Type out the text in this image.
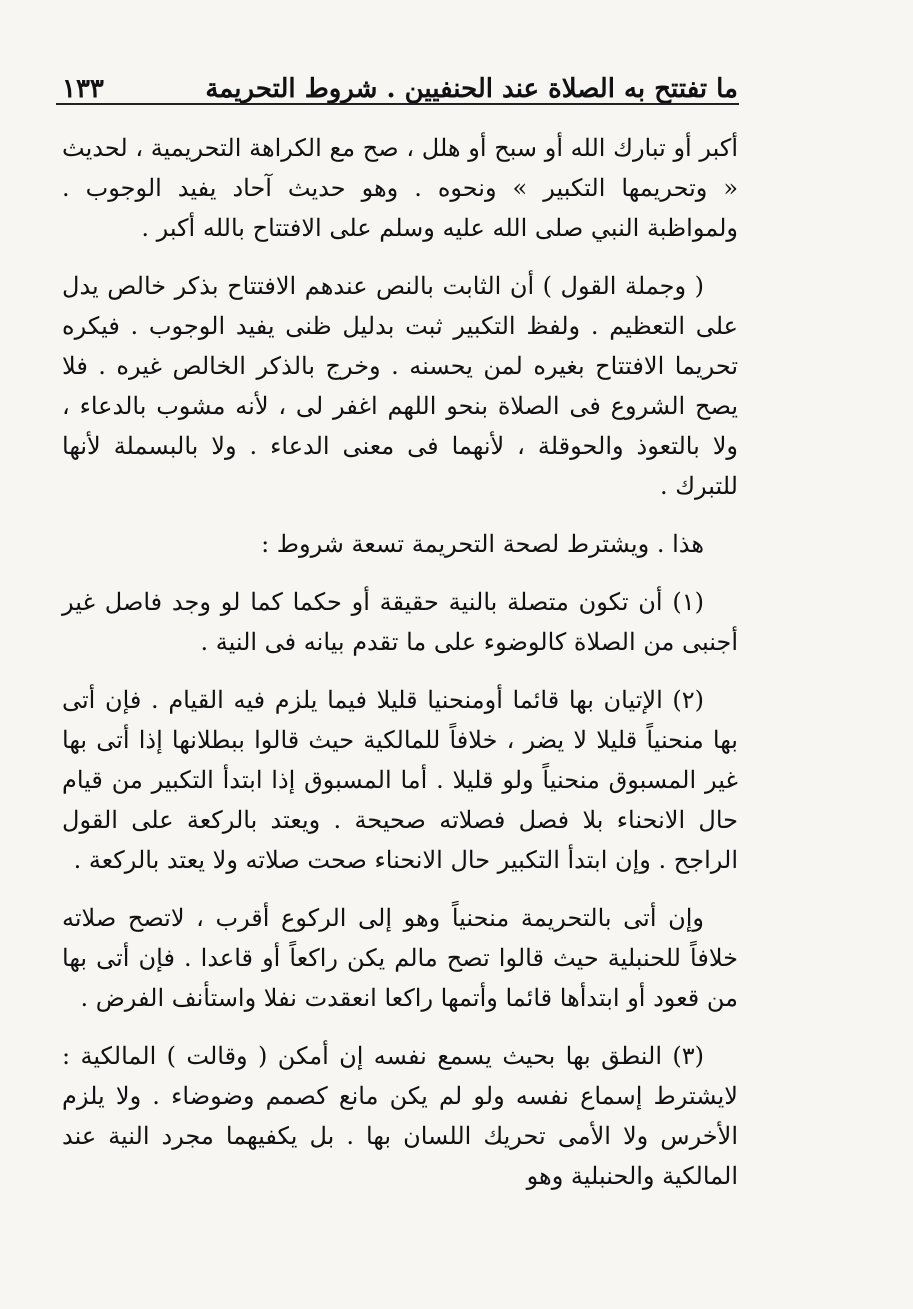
ما تفتتح به الصلاة عند الحنفيين . شروط التحريمة
١٣٣

أكبر أو تبارك الله أو سبح أو هلل ، صح مع الكراهة التحريمية ، لحديث « وتحريمها التكبير » ونحوه . وهو حديث آحاد يفيد الوجوب . ولمواظبة النبي صلى الله عليه وسلم على الافتتاح بالله أكبر .

( وجملة القول ) أن الثابت بالنص عندهم الافتتاح بذكر خالص يدل على التعظيم . ولفظ التكبير ثبت بدليل ظنى يفيد الوجوب . فيكره تحريما الافتتاح بغيره لمن يحسنه . وخرج بالذكر الخالص غيره . فلا يصح الشروع فى الصلاة بنحو اللهم اغفر لى ، لأنه مشوب بالدعاء ، ولا بالتعوذ والحوقلة ، لأنهما فى معنى الدعاء . ولا بالبسملة لأنها للتبرك .

هذا . ويشترط لصحة التحريمة تسعة شروط :

(١) أن تكون متصلة بالنية حقيقة أو حكما كما لو وجد فاصل غير أجنبى من الصلاة كالوضوء على ما تقدم بيانه فى النية .

(٢) الإتيان بها قائما أومنحنيا قليلا فيما يلزم فيه القيام . فإن أتى بها منحنياً قليلا لا يضر ، خلافاً للمالكية حيث قالوا ببطلانها إذا أتى بها غير المسبوق منحنياً ولو قليلا . أما المسبوق إذا ابتدأ التكبير من قيام حال الانحناء بلا فصل فصلاته صحيحة . ويعتد بالركعة على القول الراجح . وإن ابتدأ التكبير حال الانحناء صحت صلاته ولا يعتد بالركعة .

وإن أتى بالتحريمة منحنياً وهو إلى الركوع أقرب ، لاتصح صلاته خلافاً للحنبلية حيث قالوا تصح مالم يكن راكعاً أو قاعدا . فإن أتى بها من قعود أو ابتدأها قائما وأتمها راكعا انعقدت نفلا واستأنف الفرض .

(٣) النطق بها بحيث يسمع نفسه إن أمكن ( وقالت ) المالكية : لايشترط إسماع نفسه ولو لم يكن مانع كصمم وضوضاء . ولا يلزم الأخرس ولا الأمى تحريك اللسان بها . بل يكفيهما مجرد النية عند المالكية والحنبلية وهو
